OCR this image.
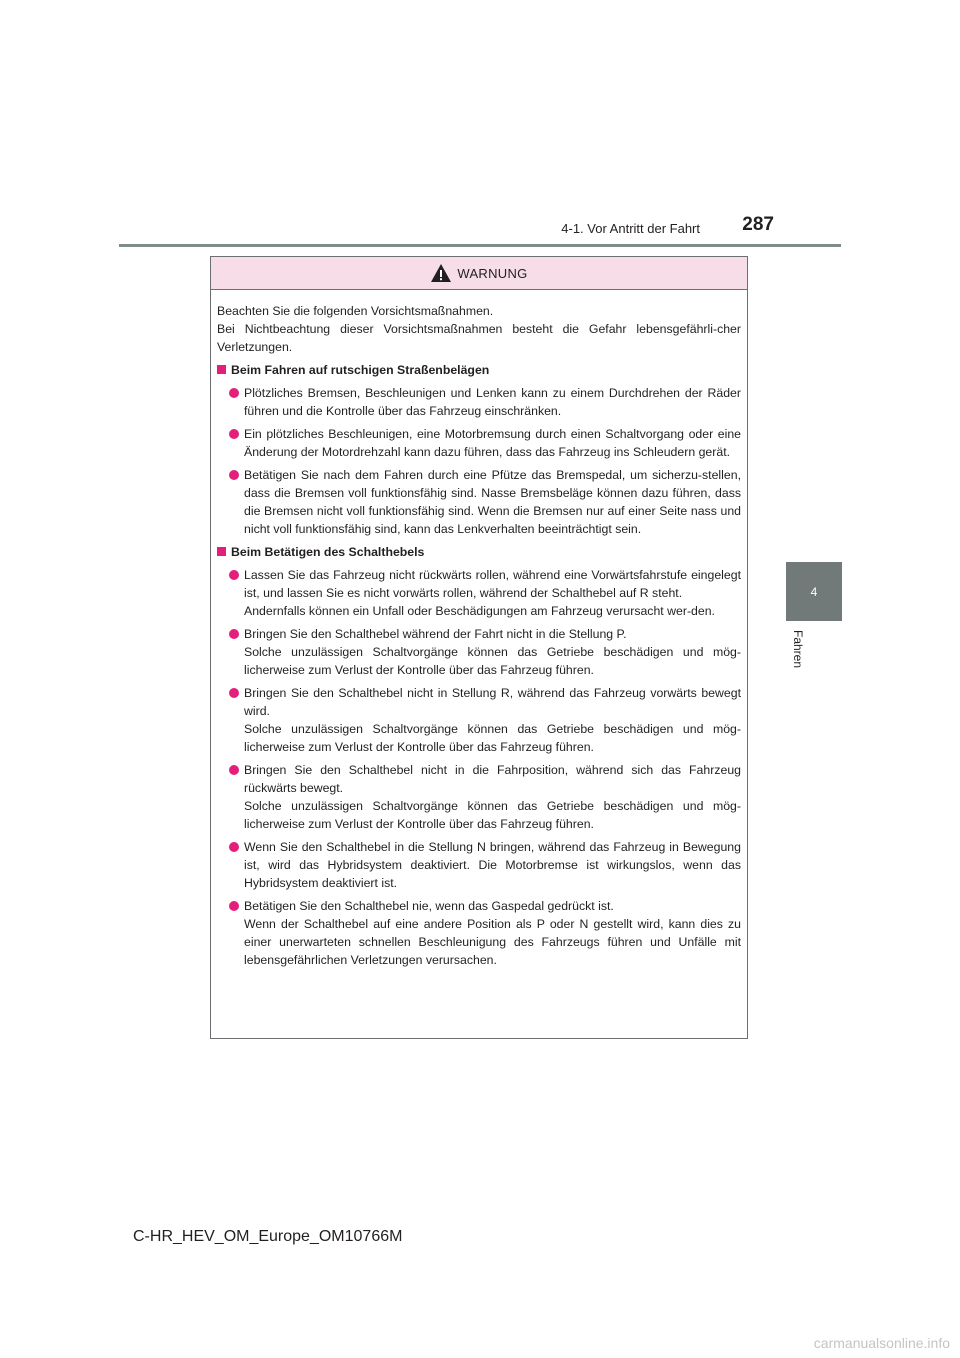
4-1. Vor Antritt der Fahrt	287
4
Fahren
WARNUNG

Beachten Sie die folgenden Vorsichtsmaßnahmen.

Bei Nichtbeachtung dieser Vorsichtsmaßnahmen besteht die Gefahr lebensgefährli-cher Verletzungen.

Beim Fahren auf rutschigen Straßenbelägen
Plötzliches Bremsen, Beschleunigen und Lenken kann zu einem Durchdrehen der Räder führen und die Kontrolle über das Fahrzeug einschränken.
Ein plötzliches Beschleunigen, eine Motorbremsung durch einen Schaltvorgang oder eine Änderung der Motordrehzahl kann dazu führen, dass das Fahrzeug ins Schleudern gerät.
Betätigen Sie nach dem Fahren durch eine Pfütze das Bremspedal, um sicherzu-stellen, dass die Bremsen voll funktionsfähig sind. Nasse Bremsbeläge können dazu führen, dass die Bremsen nicht voll funktionsfähig sind. Wenn die Bremsen nur auf einer Seite nass und nicht voll funktionsfähig sind, kann das Lenkverhalten beeinträchtigt sein.
Beim Betätigen des Schalthebels
Lassen Sie das Fahrzeug nicht rückwärts rollen, während eine Vorwärtsfahrstufe eingelegt ist, und lassen Sie es nicht vorwärts rollen, während der Schalthebel auf R steht.
Andernfalls können ein Unfall oder Beschädigungen am Fahrzeug verursacht wer-den.
Bringen Sie den Schalthebel während der Fahrt nicht in die Stellung P.
Solche unzulässigen Schaltvorgänge können das Getriebe beschädigen und mög-licherweise zum Verlust der Kontrolle über das Fahrzeug führen.
Bringen Sie den Schalthebel nicht in Stellung R, während das Fahrzeug vorwärts bewegt wird.
Solche unzulässigen Schaltvorgänge können das Getriebe beschädigen und mög-licherweise zum Verlust der Kontrolle über das Fahrzeug führen.
Bringen Sie den Schalthebel nicht in die Fahrposition, während sich das Fahrzeug rückwärts bewegt.
Solche unzulässigen Schaltvorgänge können das Getriebe beschädigen und mög-licherweise zum Verlust der Kontrolle über das Fahrzeug führen.
Wenn Sie den Schalthebel in die Stellung N bringen, während das Fahrzeug in Bewegung ist, wird das Hybridsystem deaktiviert. Die Motorbremse ist wirkungslos, wenn das Hybridsystem deaktiviert ist.
Betätigen Sie den Schalthebel nie, wenn das Gaspedal gedrückt ist.
Wenn der Schalthebel auf eine andere Position als P oder N gestellt wird, kann dies zu einer unerwarteten schnellen Beschleunigung des Fahrzeugs führen und Unfälle mit lebensgefährlichen Verletzungen verursachen.
C-HR_HEV_OM_Europe_OM10766M
carmanualsonline.info
